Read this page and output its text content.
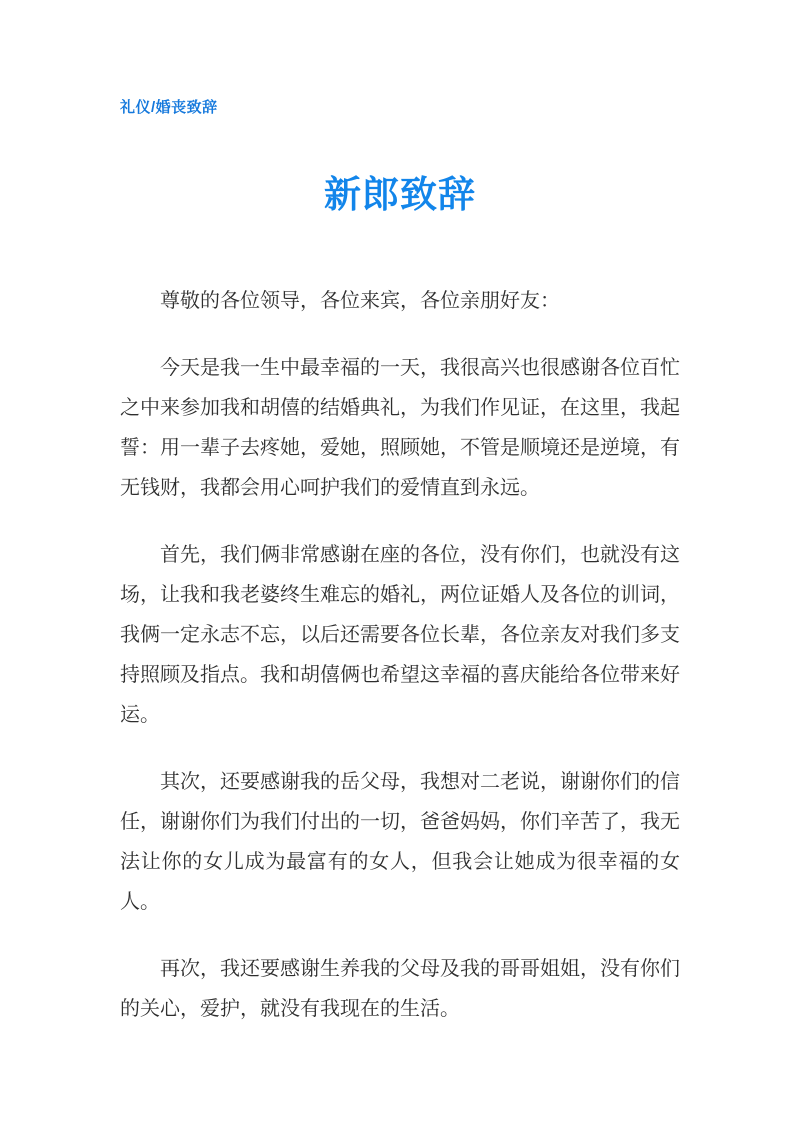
礼仪/婚丧致辞
新郎致辞

尊敬的各位领导，各位来宾，各位亲朋好友：

今天是我一生中最幸福的一天，我很高兴也很感谢各位百忙之中来参加我和胡僖的结婚典礼，为我们作见证，在这里，我起誓：用一辈子去疼她，爱她，照顾她，不管是顺境还是逆境，有无钱财，我都会用心呵护我们的爱情直到永远。

首先，我们俩非常感谢在座的各位，没有你们，也就没有这场，让我和我老婆终生难忘的婚礼，两位证婚人及各位的训词，我俩一定永志不忘，以后还需要各位长辈，各位亲友对我们多支持照顾及指点。我和胡僖俩也希望这幸福的喜庆能给各位带来好运。

其次，还要感谢我的岳父母，我想对二老说，谢谢你们的信任，谢谢你们为我们付出的一切，爸爸妈妈，你们辛苦了，我无法让你的女儿成为最富有的女人，但我会让她成为很幸福的女人。

再次，我还要感谢生养我的父母及我的哥哥姐姐，没有你们的关心，爱护，就没有我现在的生活。
